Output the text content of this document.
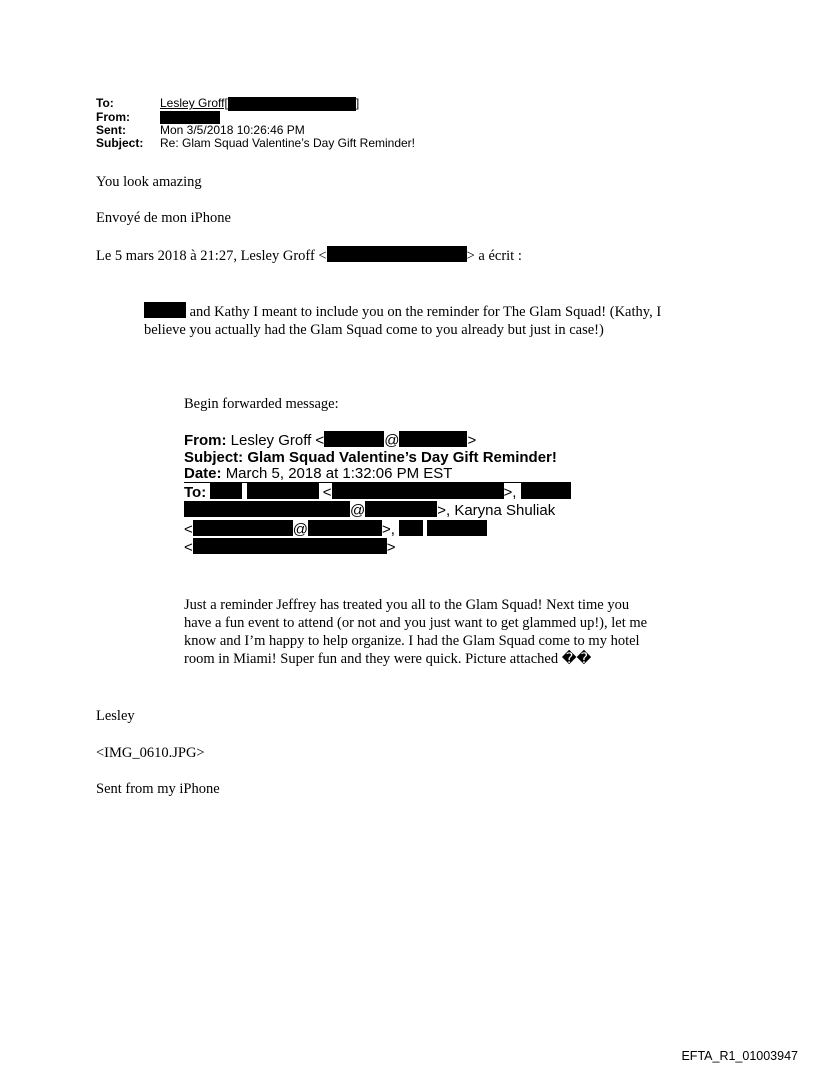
To:	Lesley Groff[	]
From:
Sent:	Mon 3/5/2018 10:26:46 PM
Subject:	Re: Glam Squad Valentine’s Day Gift Reminder!
You look amazing
Envoyé de mon iPhone
Le 5 mars 2018 à 21:27, Lesley Groff <	> a écrit :
and Kathy I meant to include you on the reminder for The Glam Squad! (Kathy, I believe you actually had the Glam Squad come to you already but just in case!)
Begin forwarded message:
From: Lesley Groff <	@	>
Subject: Glam Squad Valentine’s Day Gift Reminder!
Date: March 5, 2018 at 1:32:06 PM EST
To:	<	>,
@	>, Karyna Shuliak
<	@	>,
<	>
Just a reminder Jeffrey has treated you all to the Glam Squad! Next time you have a fun event to attend (or not and you just want to get glammed up!), let me know and I’m happy to help organize. I had the Glam Squad come to my hotel room in Miami! Super fun and they were quick. Picture attached ��
Lesley
<IMG_0610.JPG>
Sent from my iPhone
EFTA_R1_01003947
